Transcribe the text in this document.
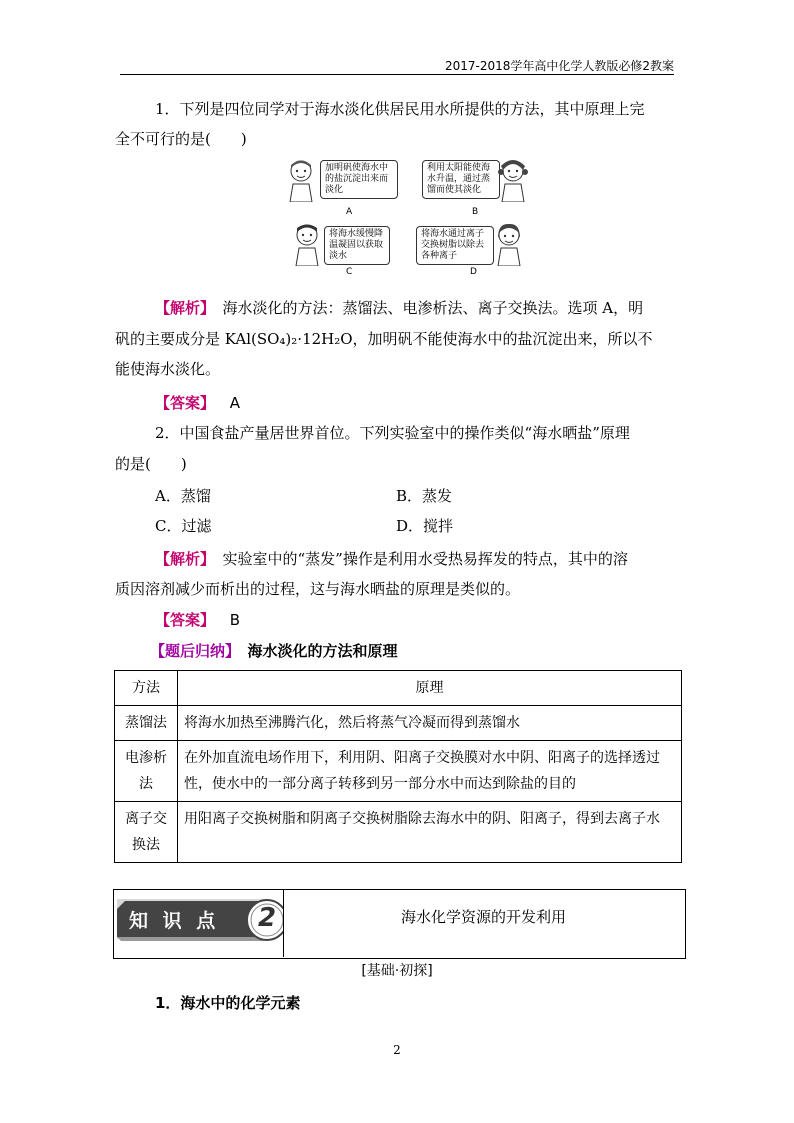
2017-2018学年高中化学人教版必修2教案
1．下列是四位同学对于海水淡化供居民用水所提供的方法，其中原理上完
全不可行的是(　　)
加明矾使海水中的盐沉淀出来而淡化
A
利用太阳能使海水升温，通过蒸馏而使其淡化
B
将海水缓慢降温凝固以获取淡水
C
将海水通过离子交换树脂以除去各种离子
D
【解析】　海水淡化的方法：蒸馏法、电渗析法、离子交换法。选项 A，明
矾的主要成分是 KAl(SO₄)₂·12H₂O，加明矾不能使海水中的盐沉淀出来，所以不
能使海水淡化。
【答案】 A
2．中国食盐产量居世界首位。下列实验室中的操作类似“海水晒盐”原理
的是(　　)
A．蒸馏	B．蒸发
C．过滤	D．搅拌
【解析】　实验室中的“蒸发”操作是利用水受热易挥发的特点，其中的溶
质因溶剂减少而析出的过程，这与海水晒盐的原理是类似的。
【答案】 B
【题后归纳】　海水淡化的方法和原理
方法	原理
蒸馏法	将海水加热至沸腾汽化，然后将蒸气冷凝而得到蒸馏水
电渗析法	在外加直流电场作用下，利用阴、阳离子交换膜对水中阴、阳离子的选择透过性，使水中的一部分离子转移到另一部分水中而达到除盐的目的
离子交换法	用阳离子交换树脂和阴离子交换树脂除去海水中的阴、阳离子，得到去离子水
知 识 点 2	海水化学资源的开发利用
[基础·初探]
1．海水中的化学元素
2
